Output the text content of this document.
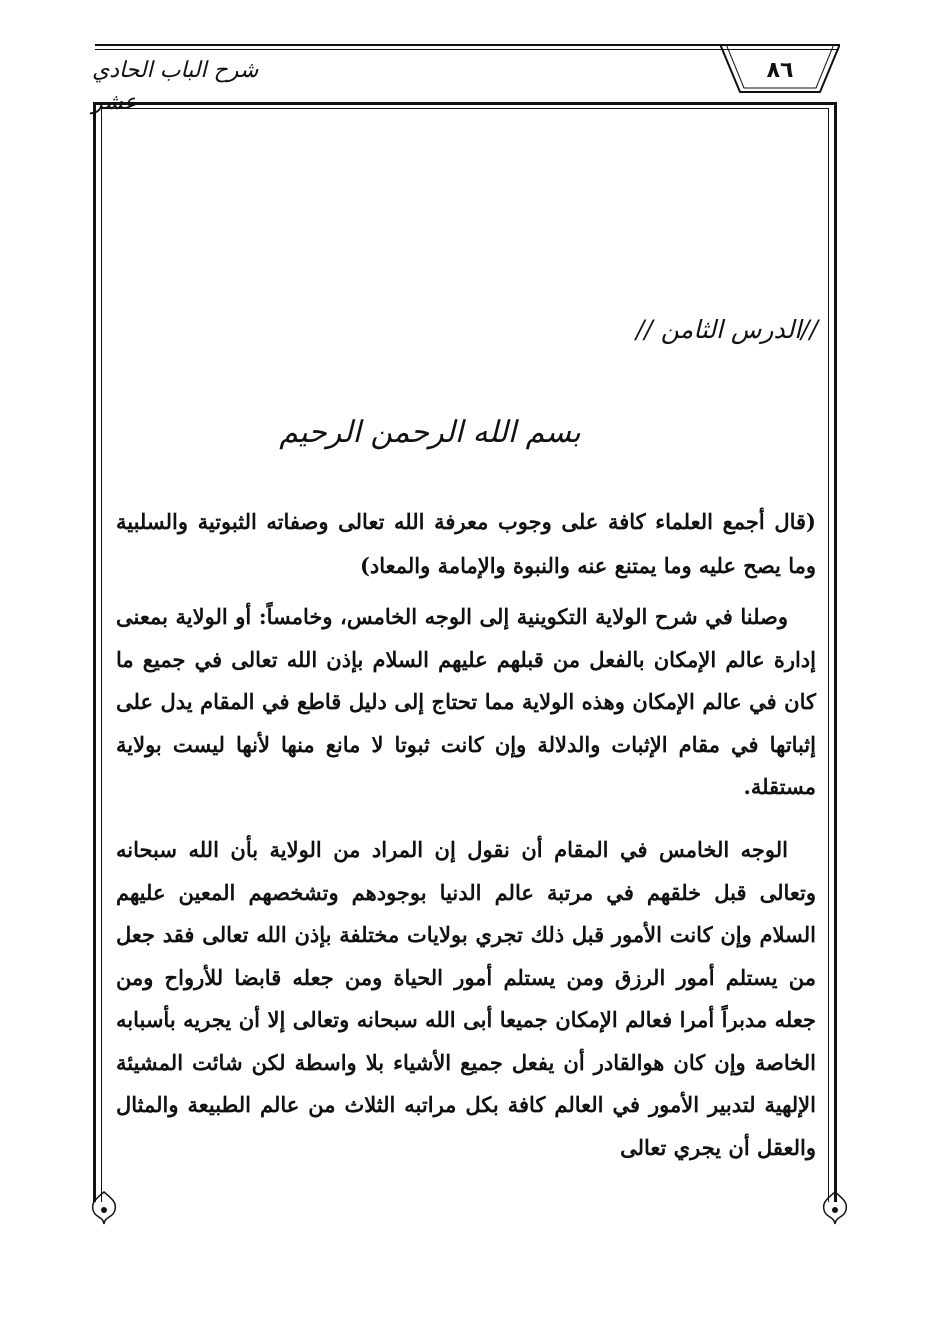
٨٦
شرح الباب الحادي عشر
//الدرس الثامن //
بسم الله الرحمن الرحيم
(قال أجمع العلماء كافة على وجوب معرفة الله تعالى وصفاته الثبوتية والسلبية وما يصح عليه وما يمتنع عنه والنبوة والإمامة والمعاد)
وصلنا في شرح الولاية التكوينية إلى الوجه الخامس، وخامساً: أو الولاية بمعنى إدارة عالم الإمكان بالفعل من قبلهم عليهم السلام بإذن الله تعالى في جميع ما كان في عالم الإمكان وهذه الولاية مما تحتاج إلى دليل قاطع في المقام يدل على إثباتها في مقام الإثبات والدلالة وإن كانت ثبوتا لا مانع منها لأنها ليست بولاية مستقلة.
الوجه الخامس في المقام أن نقول إن المراد من الولاية بأن الله سبحانه وتعالى قبل خلقهم في مرتبة عالم الدنيا بوجودهم وتشخصهم المعين عليهم السلام وإن كانت الأمور قبل ذلك تجري بولايات مختلفة بإذن الله تعالى فقد جعل من يستلم أمور الرزق ومن يستلم أمور الحياة ومن جعله قابضا للأرواح ومن جعله مدبراً أمرا فعالم الإمكان جميعا أبى الله سبحانه وتعالى إلا أن يجريه بأسبابه الخاصة وإن كان هوالقادر أن يفعل جميع الأشياء بلا واسطة لكن شائت المشيئة الإلهية لتدبير الأمور في العالم كافة بكل مراتبه الثلاث من عالم الطبيعة والمثال والعقل أن يجري تعالى
